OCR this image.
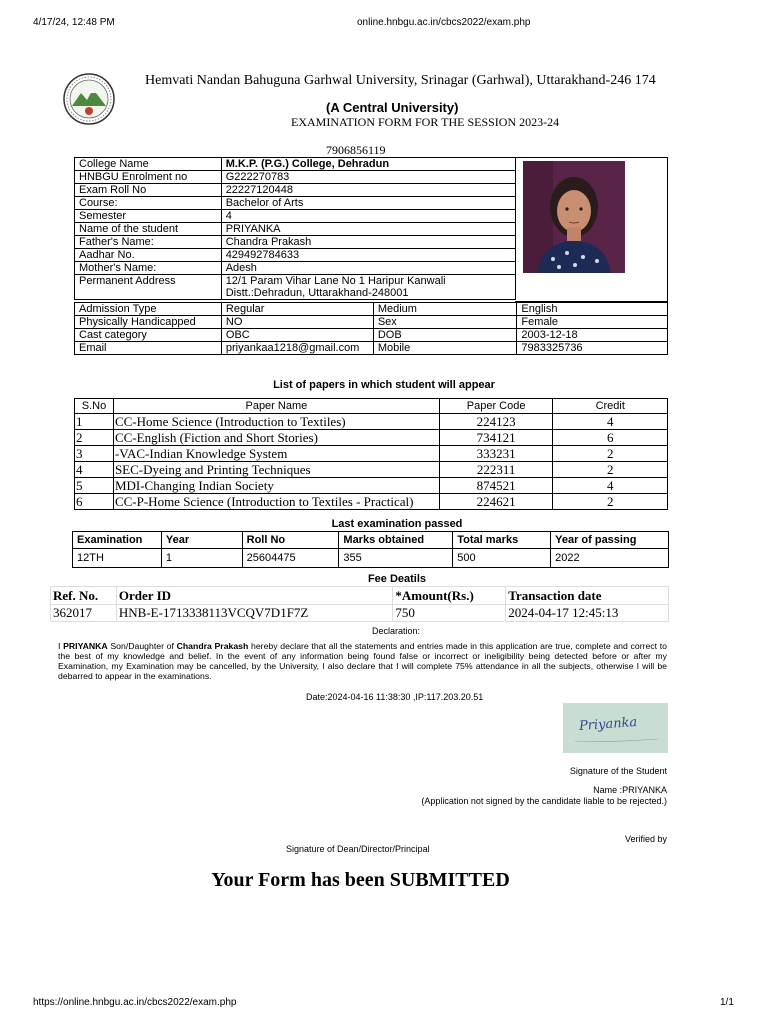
4/17/24, 12:48 PM	online.hnbgu.ac.in/cbcs2022/exam.php
Hemvati Nandan Bahuguna Garhwal University, Srinagar (Garhwal), Uttarakhand-246 174
(A Central University)
EXAMINATION FORM FOR THE SESSION 2023-24
7906856119
College Name	M.K.P. (P.G.) College, Dehradun
HNBGU Enrolment no	G222270783
Exam Roll No	22227120448
Course:	Bachelor of Arts
Semester	4
Name of the student	PRIYANKA
Father's Name:	Chandra Prakash
Aadhar No.	429492784633
Mother's Name:	Adesh
Permanent Address	12/1 Param Vihar Lane No 1 Haripur Kanwali
Distt.:Dehradun, Uttarakhand-248001
Admission Type	Regular	Medium	English
Physically Handicapped	NO	Sex	Female
Cast category	OBC	DOB	2003-12-18
Email	priyankaa1218@gmail.com	Mobile	7983325736
List of papers in which student will appear
S.No	Paper Name	Paper Code	Credit
1	CC-Home Science (Introduction to Textiles)	224123	4
2	CC-English (Fiction and Short Stories)	734121	6
3	-VAC-Indian Knowledge System	333231	2
4	SEC-Dyeing and Printing Techniques	222311	2
5	MDI-Changing Indian Society	874521	4
6	CC-P-Home Science (Introduction to Textiles - Practical)	224621	2
Last examination passed
Examination	Year	Roll No	Marks obtained	Total marks	Year of passing
12TH	1	25604475	355	500	2022
Fee Deatils
Ref. No.	Order ID	*Amount(Rs.)	Transaction date
362017	HNB-E-1713338113VCQV7D1F7Z	750	2024-04-17 12:45:13
Declaration:
I PRIYANKA Son/Daughter of Chandra Prakash hereby declare that all the statements and entries made in this application are true, complete and correct to the best of my knowledge and belief. In the event of any information being found false or incorrect or ineligibility being detected before or after my Examination, my Examination may be cancelled, by the University, I also declare that I will complete 75% attendance in all the subjects, otherwise I will be debarred to appear in the examinations.
Date:2024-04-16 11:38:30 ,IP:117.203.20.51
Priyanka
Signature of the Student
Name :PRIYANKA
(Application not signed by the candidate liable to be rejected.)
Verified by
Signature of Dean/Director/Principal
Your Form has been SUBMITTED
https://online.hnbgu.ac.in/cbcs2022/exam.php	1/1
